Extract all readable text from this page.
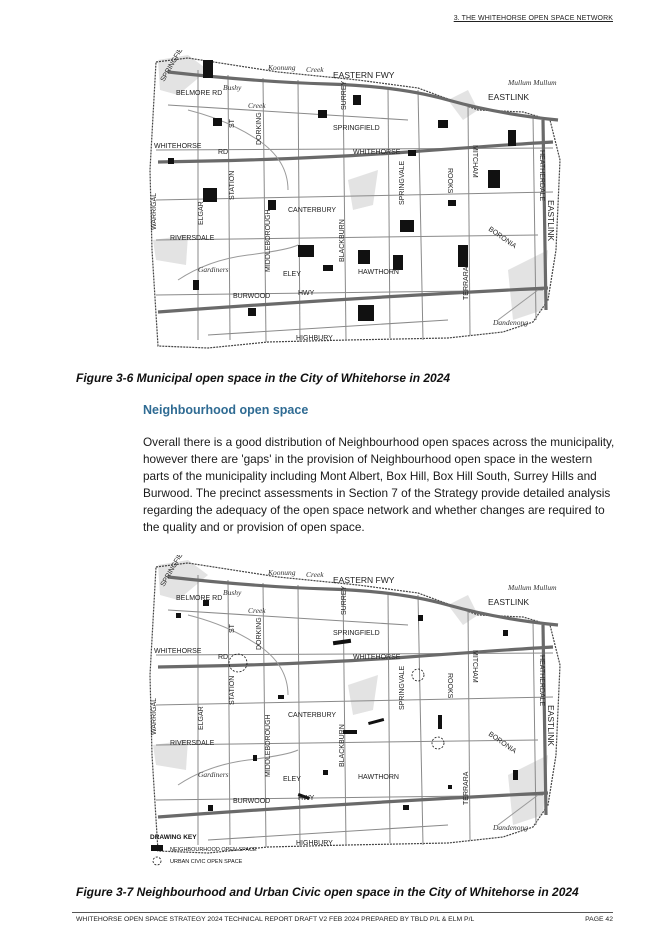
3. THE WHITEHORSE OPEN SPACE NETWORK
BELMORE RD
EASTERN FWY
EASTLINK
Koonung Creek
Bushy
Creek
Mullum Mullum
WHITEHORSE
RD	WHITEHORSE
SPRINGFIELD
SURREY
MITCHAM	HEATHERDALE
DORKING
ST
STATION
ELGAR
WARRIGAL	CANTERBURY
SPRINGVALE	ROOKS
EASTLINK
RIVERSDALE	MIDDLEBOROUGH	BLACKBURN	BORONIA
ELEY	HAWTHORN	TERRARA
BURWOOD	HWY
HIGHBURY
Gardiners
Dandenong
Figure 3-6 Municipal open space in the City of Whitehorse in 2024
Neighbourhood open space
Overall there is a good distribution of Neighbourhood open spaces across the municipality, however there are 'gaps' in the provision of Neighbourhood open space in the western parts of the municipality including Mont Albert, Box Hill, Box Hill South, Surrey Hills and Burwood. The precinct assessments in Section 7 of the Strategy provide detailed analysis regarding the adequacy of the open space network and whether changes are required to the quality and or provision of open space.
BELMORE RD
EASTERN FWY
EASTLINK
Koonung Creek
Bushy
Creek
Mullum Mullum
WHITEHORSE
RD	WHITEHORSE
SPRINGFIELD
SURREY
MITCHAM	HEATHERDALE
DORKING
ST
STATION
ELGAR
WARRIGAL	CANTERBURY
SPRINGVALE	ROOKS
EASTLINK
RIVERSDALE	MIDDLEBOROUGH	BLACKBURN	BORONIA
ELEY	HAWTHORN	TERRARA
BURWOOD	HWY
HIGHBURY
Gardiners
Dandenong
DRAWING KEY
NEIGHBOURHOOD OPEN SPACE
URBAN CIVIC OPEN SPACE
Figure 3-7 Neighbourhood and Urban Civic open space in the City of Whitehorse in 2024
WHITEHORSE OPEN SPACE STRATEGY 2024 TECHNICAL REPORT DRAFT V2 FEB 2024 PREPARED BY TBLD P/L & ELM P/L	PAGE 42
